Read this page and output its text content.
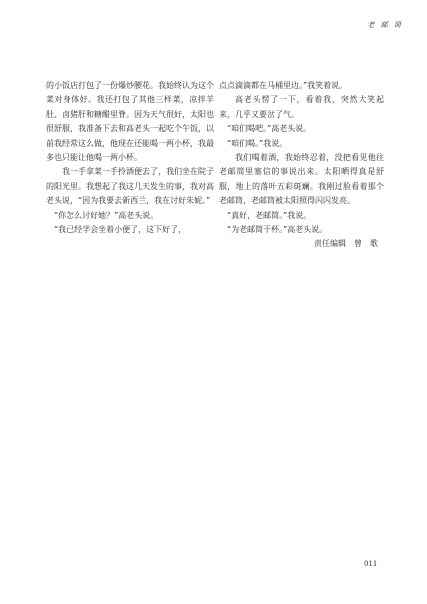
老 邮 简

的小饭店打包了一份爆炒腰花。我始终认为这个菜对身体好。我还打包了其他三样菜，凉拌羊肚、卤猪肝和糖醋里脊。因为天气很好，太阳也很舒服，我准备下去和高老头一起吃个午饭，以前我经常这么做，他现在还能喝一两小杯，我最多也只能让他喝一两小杯。

我一手拿菜一手拎酒便去了，我们坐在院子的阳光里。我想起了我这几天发生的事，我对高老头说，“因为我要去新西兰，我在讨好朱妮。”

“你怎么讨好她？”高老头说。

“我已经学会坐着小便了，这下好了，

点点滴滴都在马桶里边。”我笑着说。

高老头愣了一下，看着我，突然大笑起来，几乎又要岔了气。

“咱们喝吧。”高老头说。

“咱们喝。”我说。

我们喝着酒，我始终忍着，没把看见他往老邮简里塞信的事说出来。太阳晒得真是舒服，地上的落叶五彩斑斓。我刚过脸看着那个老邮筒，老邮筒被太阳照得闪闪发亮。

“真好，老邮简。”我说。

“为老邮简干杯。”高老头说。

责任编辑　曾　歌

011
